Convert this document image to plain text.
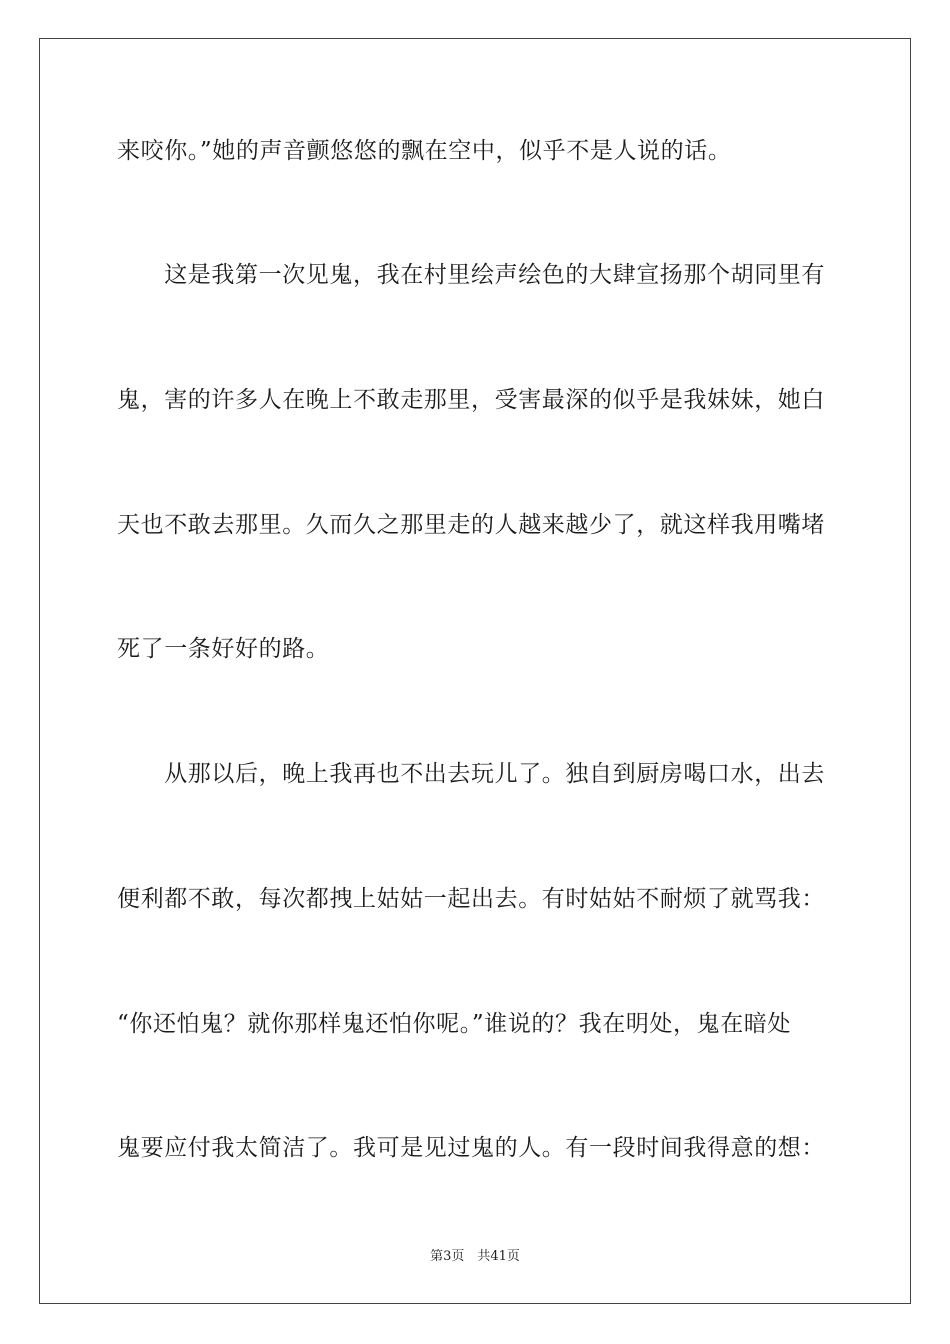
来咬你。”她的声音颤悠悠的飘在空中，似乎不是人说的话。
　　这是我第一次见鬼，我在村里绘声绘色的大肆宣扬那个胡同里有
鬼，害的许多人在晚上不敢走那里，受害最深的似乎是我妹妹，她白
天也不敢去那里。久而久之那里走的人越来越少了，就这样我用嘴堵
死了一条好好的路。
　　从那以后，晚上我再也不出去玩儿了。独自到厨房喝口水，出去
便利都不敢，每次都拽上姑姑一起出去。有时姑姑不耐烦了就骂我：
“你还怕鬼？就你那样鬼还怕你呢。”谁说的？我在明处，鬼在暗处
鬼要应付我太简洁了。我可是见过鬼的人。有一段时间我得意的想：
第3页　共41页
